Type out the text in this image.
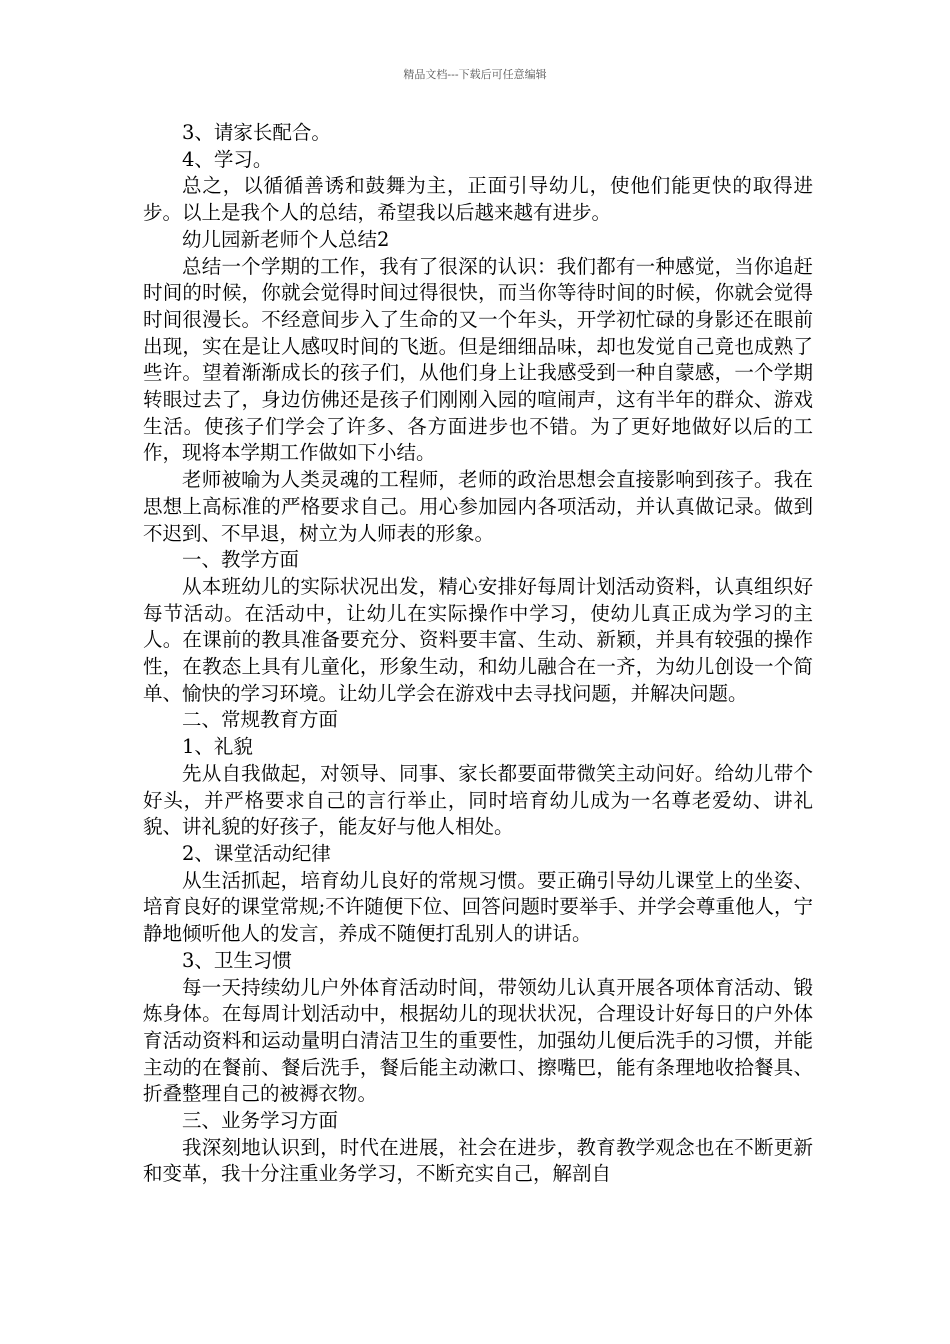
精品文档---下载后可任意编辑

3、请家长配合。

4、学习。

总之，以循循善诱和鼓舞为主，正面引导幼儿，使他们能更快的取得进步。以上是我个人的总结，希望我以后越来越有进步。

幼儿园新老师个人总结2

总结一个学期的工作，我有了很深的认识：我们都有一种感觉，当你追赶时间的时候，你就会觉得时间过得很快，而当你等待时间的时候，你就会觉得时间很漫长。不经意间步入了生命的又一个年头，开学初忙碌的身影还在眼前出现，实在是让人感叹时间的飞逝。但是细细品味，却也发觉自己竟也成熟了些许。望着渐渐成长的孩子们，从他们身上让我感受到一种自蒙感，一个学期转眼过去了，身边仿佛还是孩子们刚刚入园的喧闹声，这有半年的群众、游戏生活。使孩子们学会了许多、各方面进步也不错。为了更好地做好以后的工作，现将本学期工作做如下小结。

老师被喻为人类灵魂的工程师，老师的政治思想会直接影响到孩子。我在思想上高标准的严格要求自己。用心参加园内各项活动，并认真做记录。做到不迟到、不早退，树立为人师表的形象。

一、教学方面

从本班幼儿的实际状况出发，精心安排好每周计划活动资料，认真组织好每节活动。在活动中，让幼儿在实际操作中学习，使幼儿真正成为学习的主人。在课前的教具准备要充分、资料要丰富、生动、新颖，并具有较强的操作性，在教态上具有儿童化，形象生动，和幼儿融合在一齐，为幼儿创设一个简单、愉快的学习环境。让幼儿学会在游戏中去寻找问题，并解决问题。

二、常规教育方面

1、礼貌

先从自我做起，对领导、同事、家长都要面带微笑主动问好。给幼儿带个好头，并严格要求自己的言行举止，同时培育幼儿成为一名尊老爱幼、讲礼貌、讲礼貌的好孩子，能友好与他人相处。

2、课堂活动纪律

从生活抓起，培育幼儿良好的常规习惯。要正确引导幼儿课堂上的坐姿、培育良好的课堂常规;不许随便下位、回答问题时要举手、并学会尊重他人，宁静地倾听他人的发言，养成不随便打乱别人的讲话。

3、卫生习惯

每一天持续幼儿户外体育活动时间，带领幼儿认真开展各项体育活动、锻炼身体。在每周计划活动中，根据幼儿的现状状况，合理设计好每日的户外体育活动资料和运动量明白清洁卫生的重要性，加强幼儿便后洗手的习惯，并能主动的在餐前、餐后洗手，餐后能主动漱口、擦嘴巴，能有条理地收拾餐具、折叠整理自己的被褥衣物。

三、业务学习方面

我深刻地认识到，时代在进展，社会在进步，教育教学观念也在不断更新和变革，我十分注重业务学习，不断充实自己，解剖自
